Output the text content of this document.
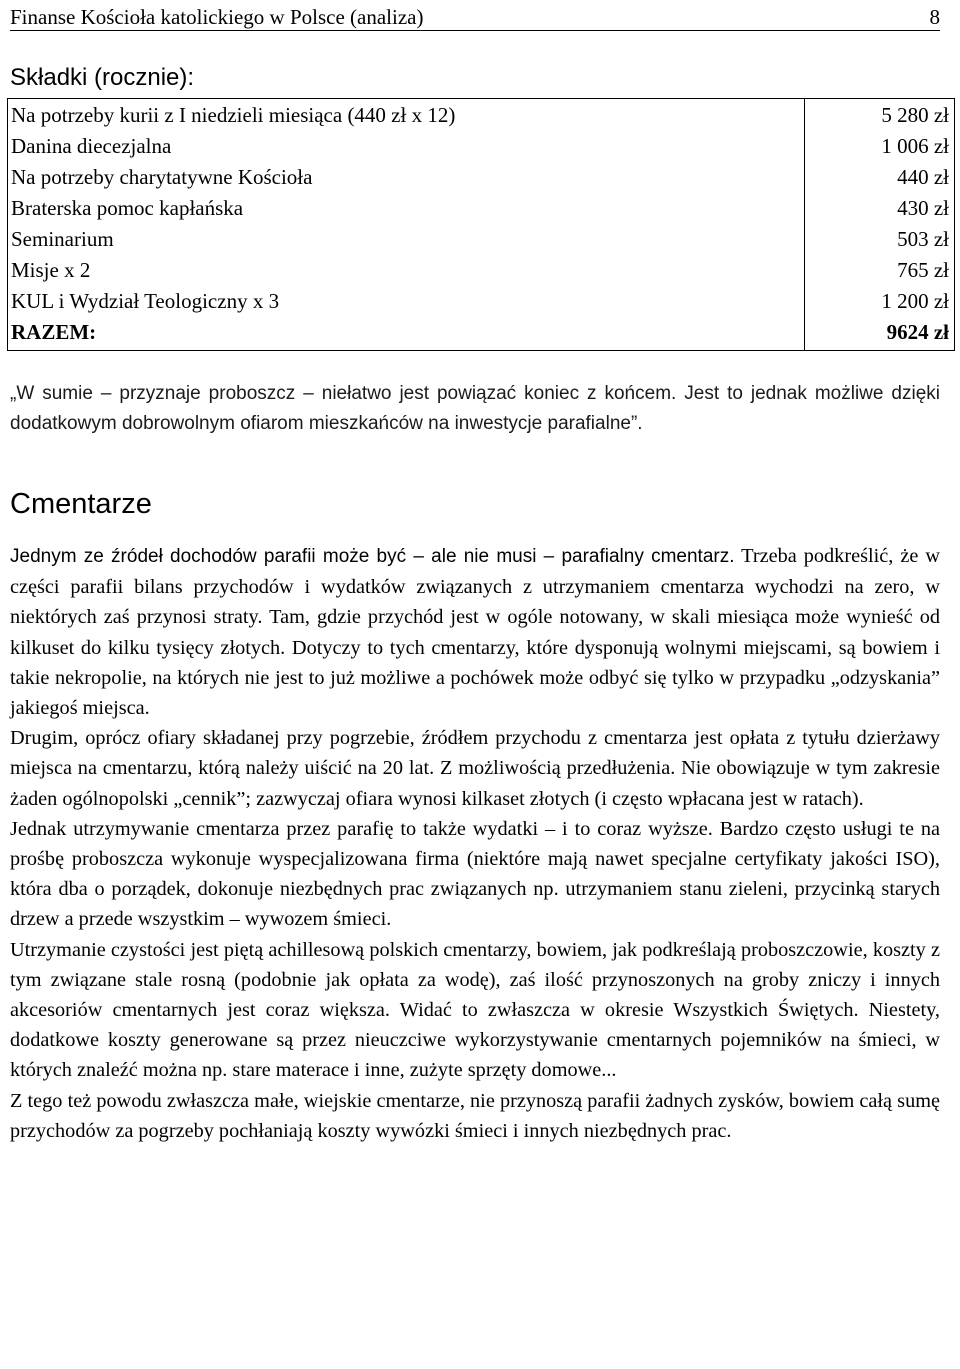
Finanse Kościoła katolickiego w Polsce (analiza)	8
Składki (rocznie):
Na potrzeby kurii z I niedzieli miesiąca (440 zł x 12)	5 280 zł
Danina diecezjalna	1 006 zł
Na potrzeby charytatywne Kościoła	440 zł
Braterska pomoc kapłańska	430 zł
Seminarium	503 zł
Misje x 2	765 zł
KUL i Wydział Teologiczny x 3	1 200 zł
RAZEM:	9624 zł

„W sumie – przyznaje proboszcz – niełatwo jest powiązać koniec z końcem. Jest to jednak możliwe dzięki dodatkowym dobrowolnym ofiarom mieszkańców na inwestycje parafialne”.

Cmentarze

Jednym ze źródeł dochodów parafii może być – ale nie musi – parafialny cmentarz. Trzeba podkreślić, że w części parafii bilans przychodów i wydatków związanych z utrzymaniem cmentarza wychodzi na zero, w niektórych zaś przynosi straty. Tam, gdzie przychód jest w ogóle notowany, w skali miesiąca może wynieść od kilkuset do kilku tysięcy złotych. Dotyczy to tych cmentarzy, które dysponują wolnymi miejscami, są bowiem i takie nekropolie, na których nie jest to już możliwe a pochówek może odbyć się tylko w przypadku „odzyskania” jakiegoś miejsca.

Drugim, oprócz ofiary składanej przy pogrzebie, źródłem przychodu z cmentarza jest opłata z tytułu dzierżawy miejsca na cmentarzu, którą należy uiścić na 20 lat. Z możliwością przedłużenia. Nie obowiązuje w tym zakresie żaden ogólnopolski „cennik”; zazwyczaj ofiara wynosi kilkaset złotych (i często wpłacana jest w ratach).

Jednak utrzymywanie cmentarza przez parafię to także wydatki – i to coraz wyższe. Bardzo często usługi te na prośbę proboszcza wykonuje wyspecjalizowana firma (niektóre mają nawet specjalne certyfikaty jakości ISO), która dba o porządek, dokonuje niezbędnych prac związanych np. utrzymaniem stanu zieleni, przycinką starych drzew a przede wszystkim – wywozem śmieci.

Utrzymanie czystości jest piętą achillesową polskich cmentarzy, bowiem, jak podkreślają proboszczowie, koszty z tym związane stale rosną (podobnie jak opłata za wodę), zaś ilość przynoszonych na groby zniczy i innych akcesoriów cmentarnych jest coraz większa. Widać to zwłaszcza w okresie Wszystkich Świętych. Niestety, dodatkowe koszty generowane są przez nieuczciwe wykorzystywanie cmentarnych pojemników na śmieci, w których znaleźć można np. stare materace i inne, zużyte sprzęty domowe...

Z tego też powodu zwłaszcza małe, wiejskie cmentarze, nie przynoszą parafii żadnych zysków, bowiem całą sumę przychodów za pogrzeby pochłaniają koszty wywózki śmieci i innych niezbędnych prac.
